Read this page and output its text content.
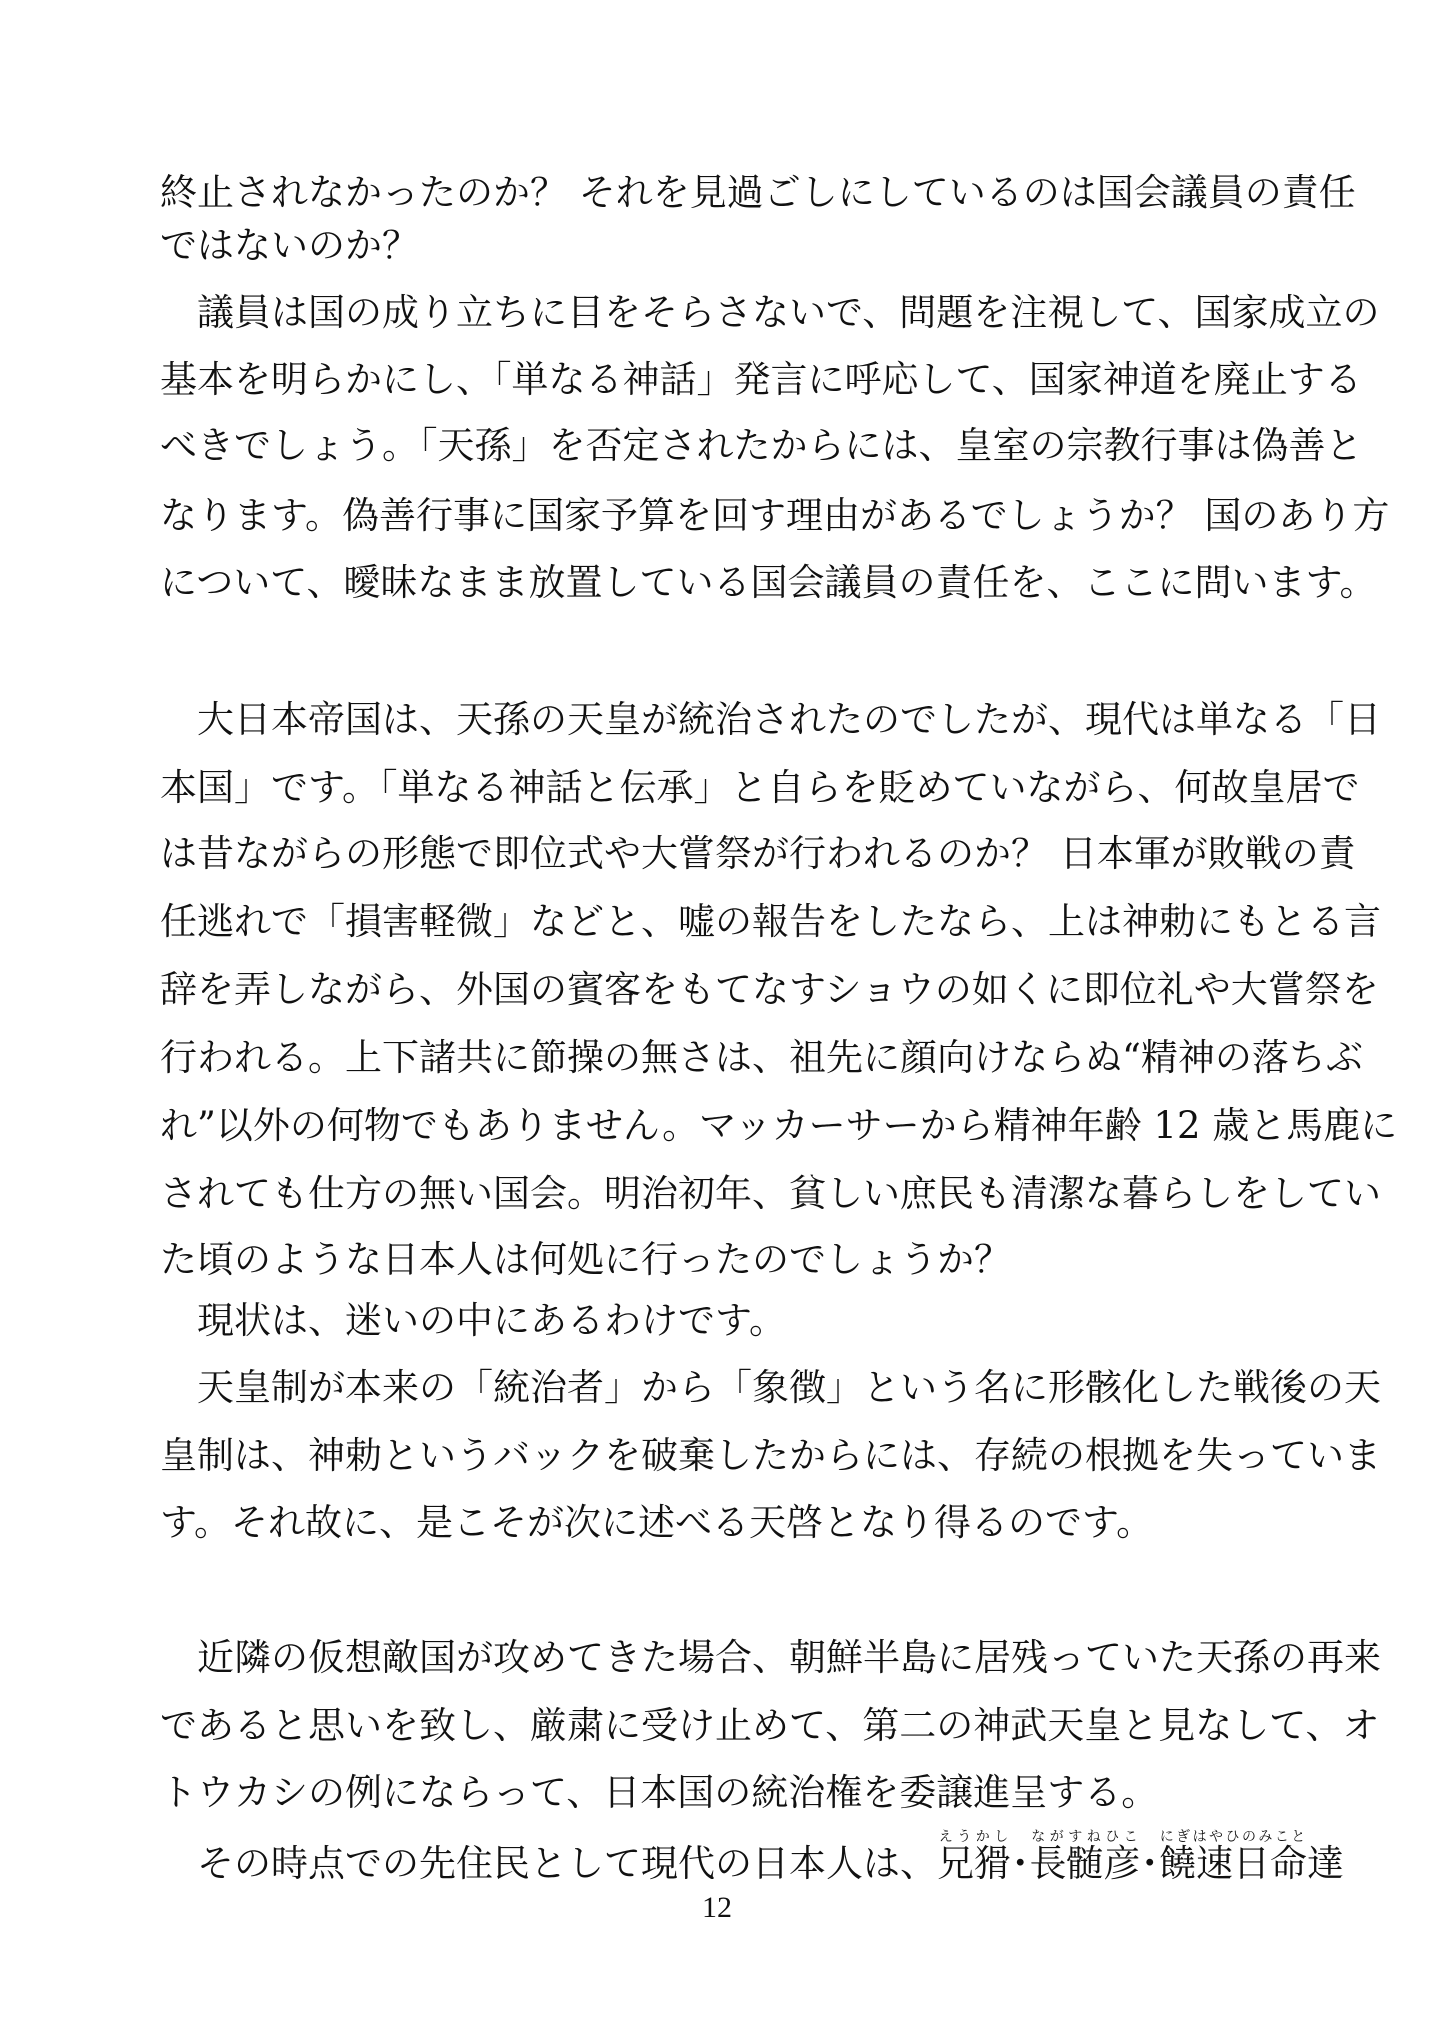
終止されなかったのか？ それを見過ごしにしているのは国会議員の責任
ではないのか？
　議員は国の成り立ちに目をそらさないで、問題を注視して、国家成立の
基本を明らかにし、「単なる神話」発言に呼応して、国家神道を廃止する
べきでしょう。「天孫」を否定されたからには、皇室の宗教行事は偽善と
なります。偽善行事に国家予算を回す理由があるでしょうか？ 国のあり方
について、曖昧なまま放置している国会議員の責任を、ここに問います。
　大日本帝国は、天孫の天皇が統治されたのでしたが、現代は単なる「日
本国」です。「単なる神話と伝承」と自らを貶めていながら、何故皇居で
は昔ながらの形態で即位式や大嘗祭が行われるのか？ 日本軍が敗戦の責
任逃れで「損害軽微」などと、嘘の報告をしたなら、上は神勅にもとる言
辞を弄しながら、外国の賓客をもてなすショウの如くに即位礼や大嘗祭を
行われる。上下諸共に節操の無さは、祖先に顔向けならぬ“精神の落ちぶ
れ”以外の何物でもありません。マッカーサーから精神年齢 12 歳と馬鹿に
されても仕方の無い国会。明治初年、貧しい庶民も清潔な暮らしをしてい
た頃のような日本人は何処に行ったのでしょうか？
　現状は、迷いの中にあるわけです。
　天皇制が本来の「統治者」から「象徴」という名に形骸化した戦後の天
皇制は、神勅というバックを破棄したからには、存続の根拠を失っていま
す。それ故に、是こそが次に述べる天啓となり得るのです。
　近隣の仮想敵国が攻めてきた場合、朝鮮半島に居残っていた天孫の再来
であると思いを致し、厳粛に受け止めて、第二の神武天皇と見なして、オ
トウカシの例にならって、日本国の統治権を委譲進呈する。
　その時点での先住民として現代の日本人は、兄猾えうかし･長髄彦ながすねひこ･饒速日命にぎはやひのみこと達
12
